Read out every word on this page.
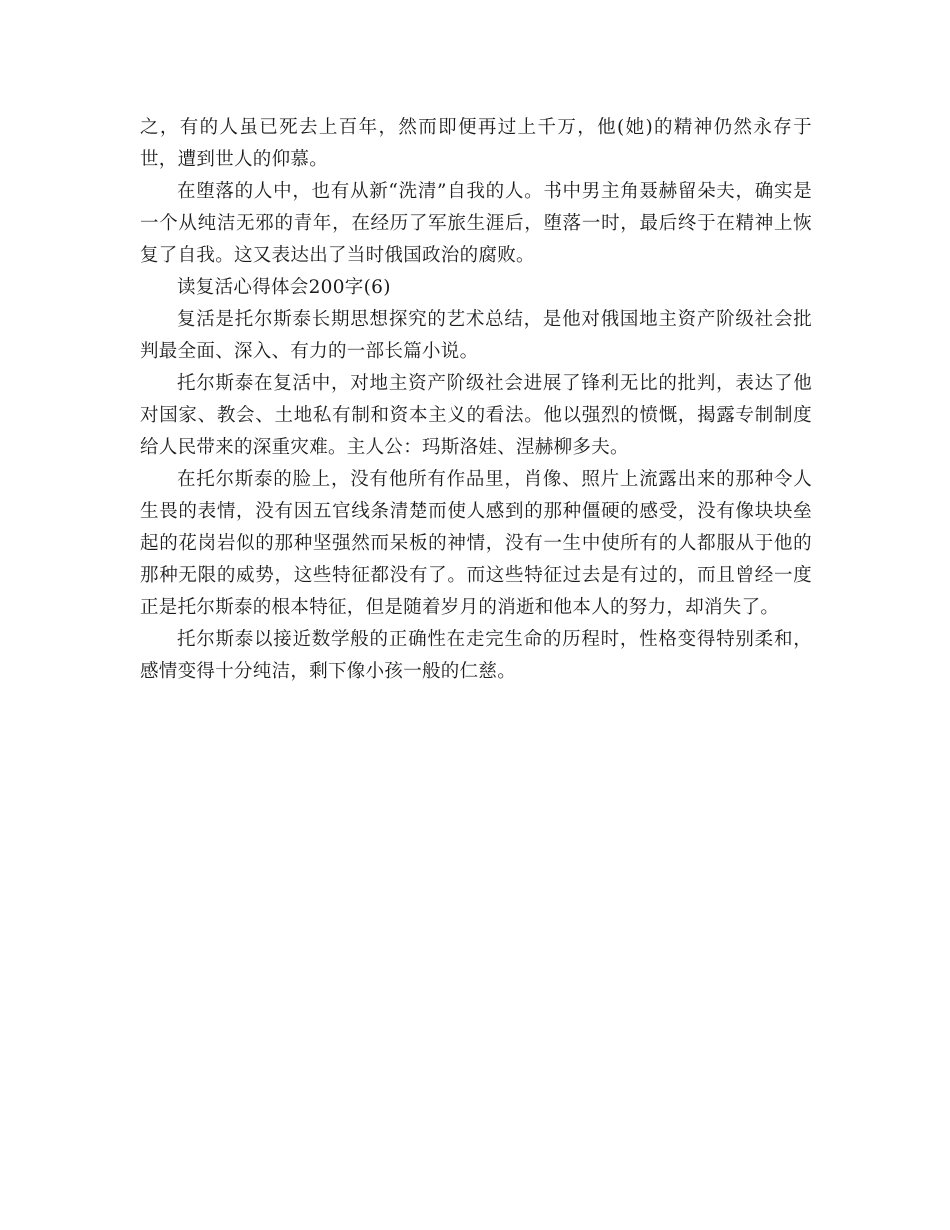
之，有的人虽已死去上百年，然而即便再过上千万，他(她)的精神仍然永存于世，遭到世人的仰慕。

在堕落的人中，也有从新“洗清”自我的人。书中男主角聂赫留朵夫，确实是一个从纯洁无邪的青年，在经历了军旅生涯后，堕落一时，最后终于在精神上恢复了自我。这又表达出了当时俄国政治的腐败。

读复活心得体会200字(6)

复活是托尔斯泰长期思想探究的艺术总结，是他对俄国地主资产阶级社会批判最全面、深入、有力的一部长篇小说。

托尔斯泰在复活中，对地主资产阶级社会进展了锋利无比的批判，表达了他对国家、教会、土地私有制和资本主义的看法。他以强烈的愤慨，揭露专制制度给人民带来的深重灾难。主人公：玛斯洛娃、涅赫柳多夫。

在托尔斯泰的脸上，没有他所有作品里，肖像、照片上流露出来的那种令人生畏的表情，没有因五官线条清楚而使人感到的那种僵硬的感受，没有像块块垒起的花岗岩似的那种坚强然而呆板的神情，没有一生中使所有的人都服从于他的那种无限的威势，这些特征都没有了。而这些特征过去是有过的，而且曾经一度正是托尔斯泰的根本特征，但是随着岁月的消逝和他本人的努力，却消失了。

托尔斯泰以接近数学般的正确性在走完生命的历程时，性格变得特别柔和，感情变得十分纯洁，剩下像小孩一般的仁慈。
